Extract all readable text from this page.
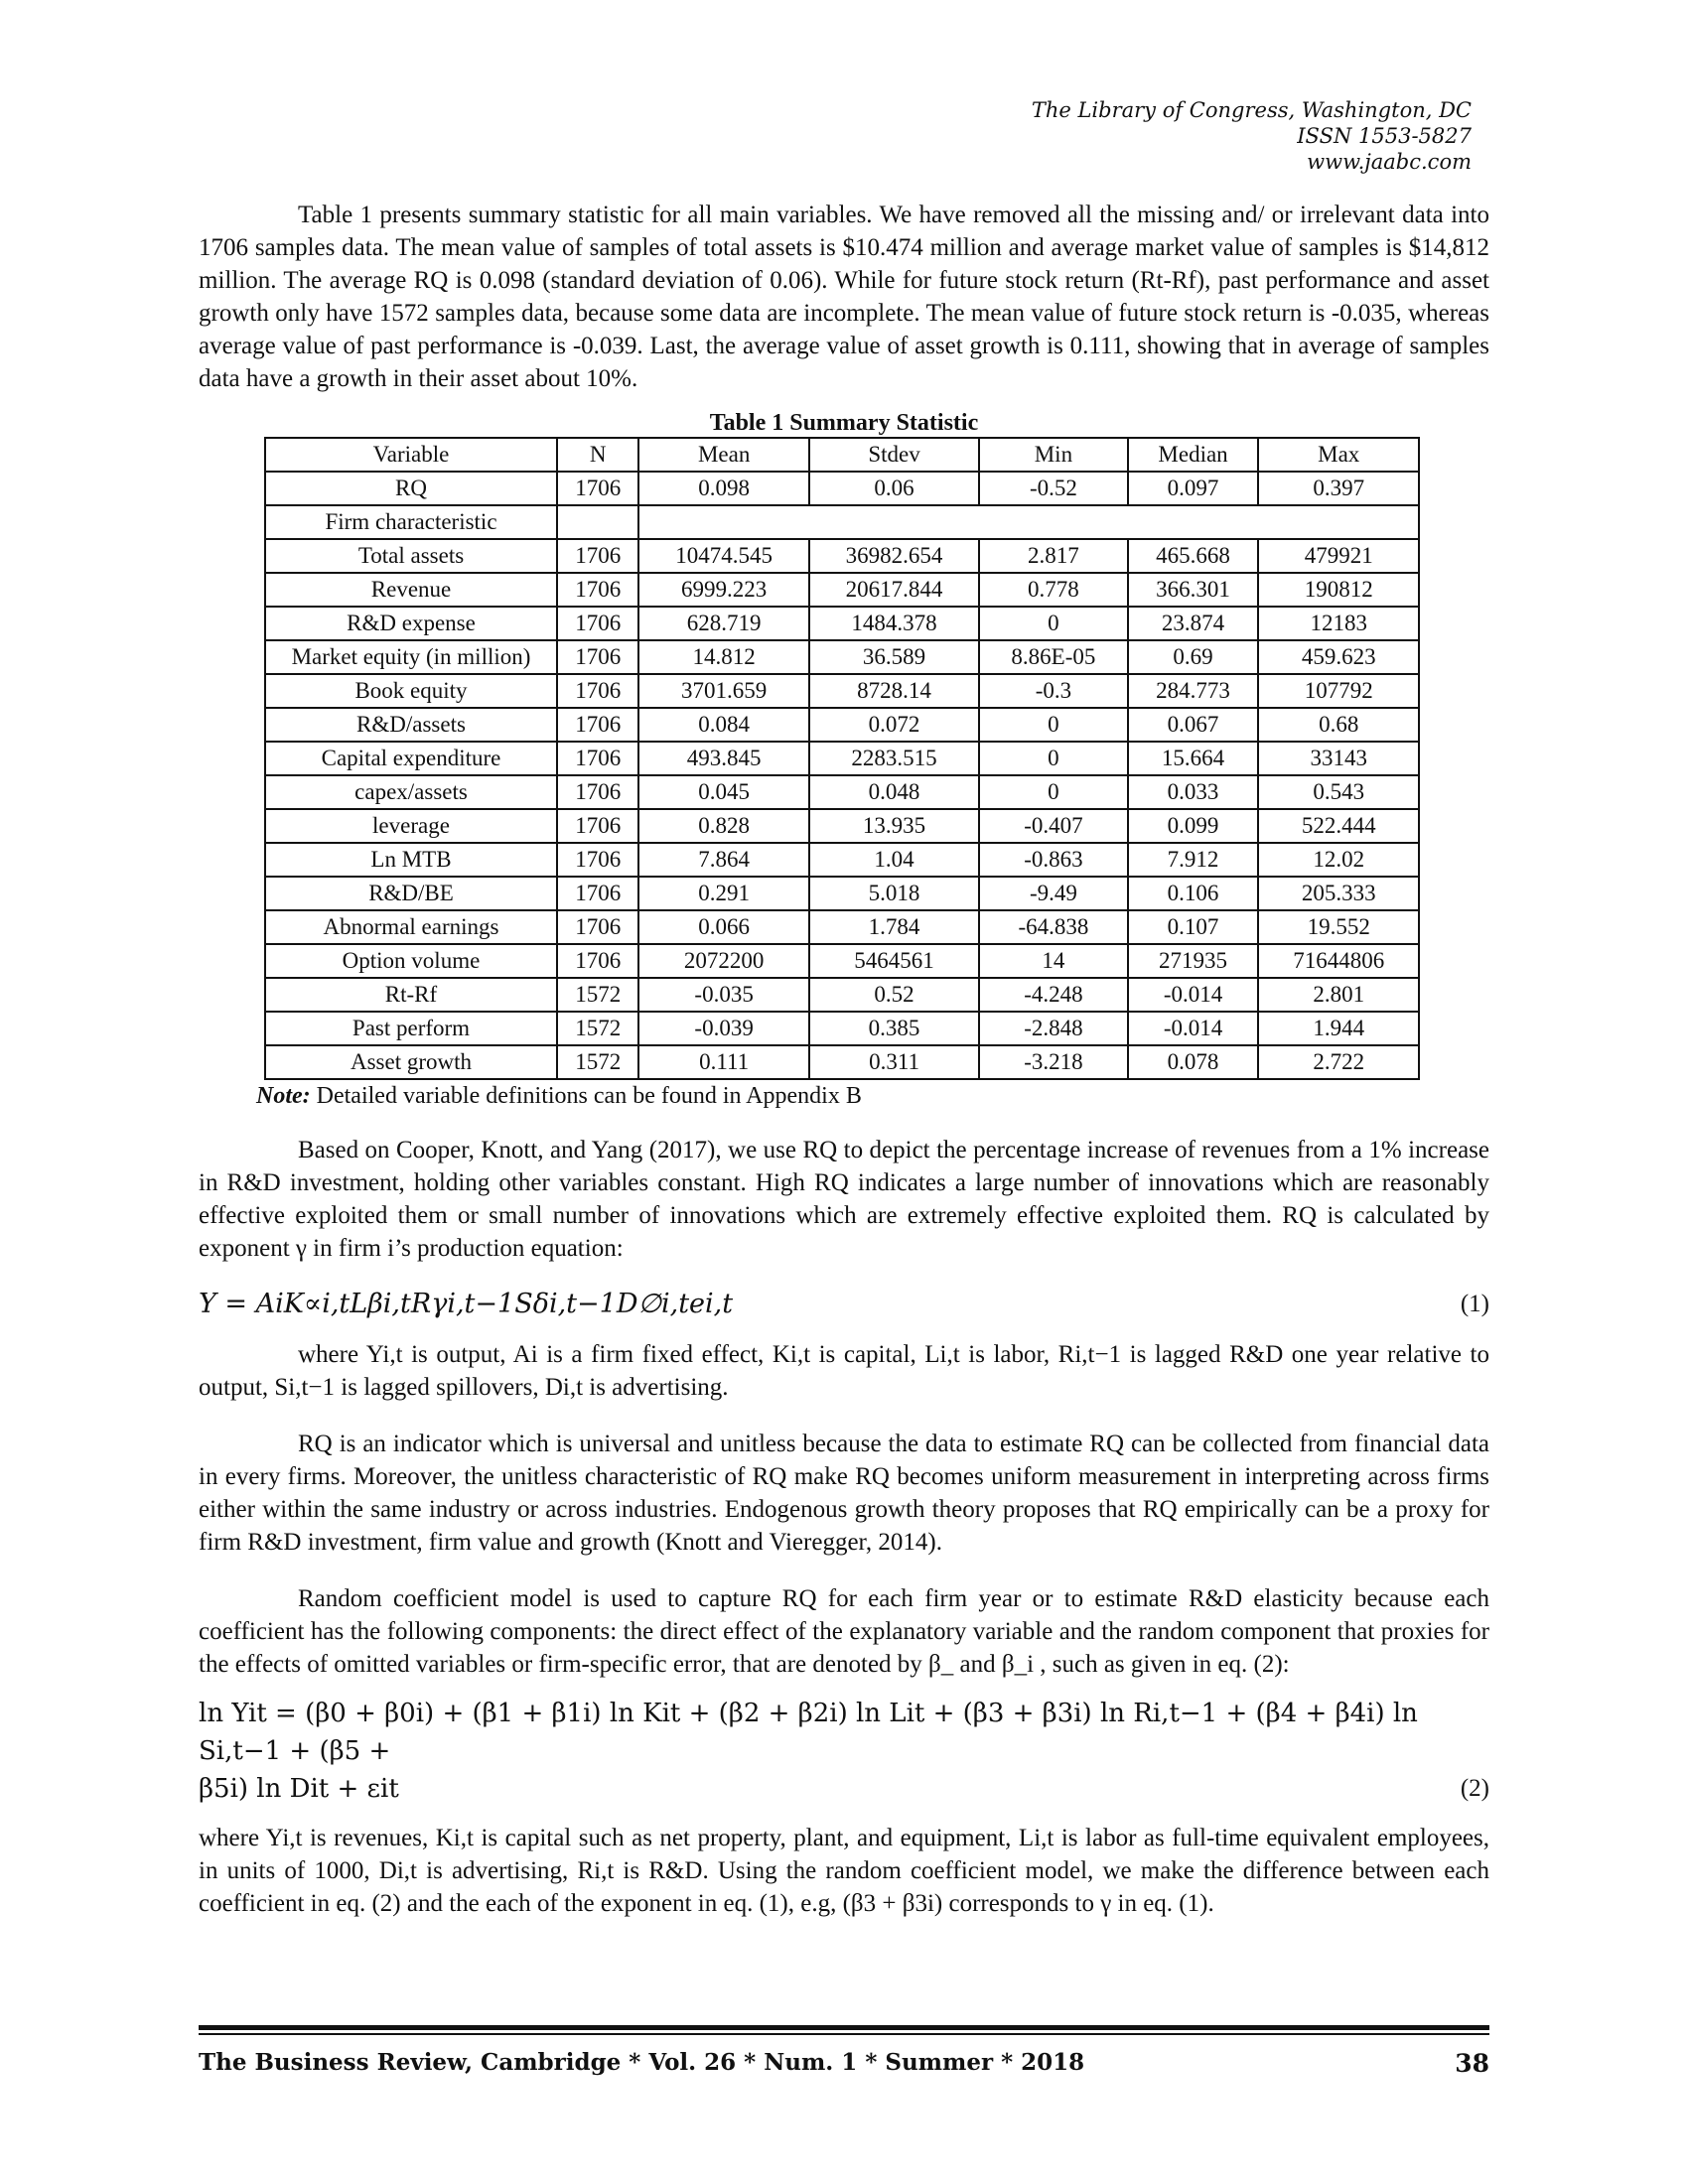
The Library of Congress, Washington, DC
ISSN 1553-5827
www.jaabc.com

Table 1 presents summary statistic for all main variables. We have removed all the missing and/ or irrelevant data into 1706 samples data. The mean value of samples of total assets is $10.474 million and average market value of samples is $14,812 million. The average RQ is 0.098 (standard deviation of 0.06). While for future stock return (Rt-Rf), past performance and asset growth only have 1572 samples data, because some data are incomplete. The mean value of future stock return is -0.035, whereas average value of past performance is -0.039. Last, the average value of asset growth is 0.111, showing that in average of samples data have a growth in their asset about 10%.

Table 1 Summary Statistic
Variable	N	Mean	Stdev	Min	Median	Max
RQ	1706	0.098	0.06	-0.52	0.097	0.397
Firm characteristic						
Total assets	1706	10474.545	36982.654	2.817	465.668	479921
Revenue	1706	6999.223	20617.844	0.778	366.301	190812
R&D expense	1706	628.719	1484.378	0	23.874	12183
Market equity (in million)	1706	14.812	36.589	8.86E-05	0.69	459.623
Book equity	1706	3701.659	8728.14	-0.3	284.773	107792
R&D/assets	1706	0.084	0.072	0	0.067	0.68
Capital expenditure	1706	493.845	2283.515	0	15.664	33143
capex/assets	1706	0.045	0.048	0	0.033	0.543
leverage	1706	0.828	13.935	-0.407	0.099	522.444
Ln MTB	1706	7.864	1.04	-0.863	7.912	12.02
R&D/BE	1706	0.291	5.018	-9.49	0.106	205.333
Abnormal earnings	1706	0.066	1.784	-64.838	0.107	19.552
Option volume	1706	2072200	5464561	14	271935	71644806
Rt-Rf	1572	-0.035	0.52	-4.248	-0.014	2.801
Past perform	1572	-0.039	0.385	-2.848	-0.014	1.944
Asset growth	1572	0.111	0.311	-3.218	0.078	2.722
Note: Detailed variable definitions can be found in Appendix B

Based on Cooper, Knott, and Yang (2017), we use RQ to depict the percentage increase of revenues from a 1% increase in R&D investment, holding other variables constant. High RQ indicates a large number of innovations which are reasonably effective exploited them or small number of innovations which are extremely effective exploited them. RQ is calculated by exponent γ in firm i’s production equation:

Y = AiK∝i,tLβi,tRγi,t−1Sδi,t−1D∅i,tei,t	(1)

where Yi,t is output, Ai is a firm fixed effect, Ki,t is capital, Li,t is labor, Ri,t−1 is lagged R&D one year relative to output, Si,t−1 is lagged spillovers, Di,t is advertising.

RQ is an indicator which is universal and unitless because the data to estimate RQ can be collected from financial data in every firms. Moreover, the unitless characteristic of RQ make RQ becomes uniform measurement in interpreting across firms either within the same industry or across industries. Endogenous growth theory proposes that RQ empirically can be a proxy for firm R&D investment, firm value and growth (Knott and Vieregger, 2014).

Random coefficient model is used to capture RQ for each firm year or to estimate R&D elasticity because each coefficient has the following components: the direct effect of the explanatory variable and the random component that proxies for the effects of omitted variables or firm-specific error, that are denoted by β_ and β_i , such as given in eq. (2):

ln Yit = (β0 + β0i) + (β1 + β1i) ln Kit + (β2 + β2i) ln Lit + (β3 + β3i) ln Ri,t−1 + (β4 + β4i) ln Si,t−1 + (β5 +
β5i) ln Dit + εit	(2)

where Yi,t is revenues, Ki,t is capital such as net property, plant, and equipment, Li,t is labor as full-time equivalent employees, in units of 1000, Di,t is advertising, Ri,t is R&D. Using the random coefficient model, we make the difference between each coefficient in eq. (2) and the each of the exponent in eq. (1), e.g, (β3 + β3i) corresponds to γ in eq. (1).

The Business Review, Cambridge * Vol. 26 * Num. 1 * Summer * 2018	38
